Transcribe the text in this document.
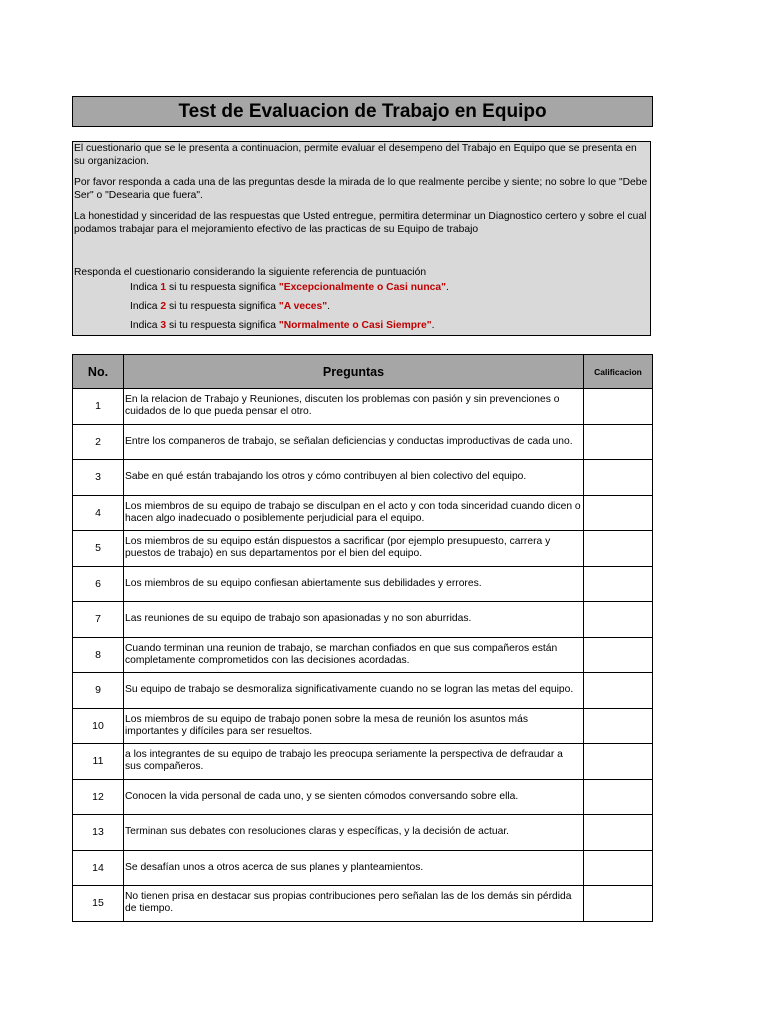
Test de Evaluacion de Trabajo en Equipo

El cuestionario que se le presenta a continuacion, permite evaluar el desempeno del Trabajo en Equipo que se presenta en su organizacion.

Por favor responda a cada una de las preguntas desde la mirada de lo que realmente percibe y siente; no sobre lo que "Debe Ser" o "Desearia que fuera".

La honestidad y sinceridad de las respuestas que Usted entregue, permitira determinar un Diagnostico certero y sobre el cual podamos trabajar para el mejoramiento efectivo de las practicas de su Equipo de trabajo

Responda el cuestionario considerando la siguiente referencia de puntuación

Indica 1 si tu respuesta significa "Excepcionalmente o Casi nunca".
Indica 2 si tu respuesta significa "A veces".
Indica 3 si tu respuesta significa "Normalmente o Casi Siempre".
No.	Preguntas	Calificacion
1	En la relacion de Trabajo y Reuniones, discuten los problemas con pasión y sin prevenciones o cuidados de lo que pueda pensar el otro.	
2	Entre los companeros de trabajo, se señalan deficiencias y conductas improductivas de cada uno.	
3	Sabe en qué están trabajando los otros y cómo contribuyen al bien colectivo del equipo.	
4	Los miembros de su equipo de trabajo se disculpan en el acto y con toda sinceridad cuando dicen o hacen algo inadecuado o posiblemente perjudicial para el equipo.	
5	Los miembros de su equipo están dispuestos a sacrificar (por ejemplo presupuesto, carrera y puestos de trabajo) en sus departamentos por el bien del equipo.	
6	Los miembros de su equipo confiesan abiertamente sus debilidades y errores.	
7	Las reuniones de su equipo de trabajo son apasionadas y no son aburridas.	
8	Cuando terminan una reunion de trabajo, se marchan confiados en que sus compañeros están completamente comprometidos con las decisiones acordadas.	
9	Su equipo de trabajo se desmoraliza significativamente cuando no se logran las metas del equipo.	
10	Los miembros de su equipo de trabajo ponen sobre la mesa de reunión los asuntos más importantes y difíciles para ser resueltos.	
11	a los integrantes de su equipo de trabajo les preocupa seriamente la perspectiva de defraudar a sus compañeros.	
12	Conocen la vida personal de cada uno, y se sienten cómodos conversando sobre ella.	
13	Terminan sus debates con resoluciones claras y específicas, y la decisión de actuar.	
14	Se desafían unos a otros acerca de sus planes y planteamientos.	
15	No tienen prisa en destacar sus propias contribuciones pero señalan las de los demás sin pérdida de tiempo.	
